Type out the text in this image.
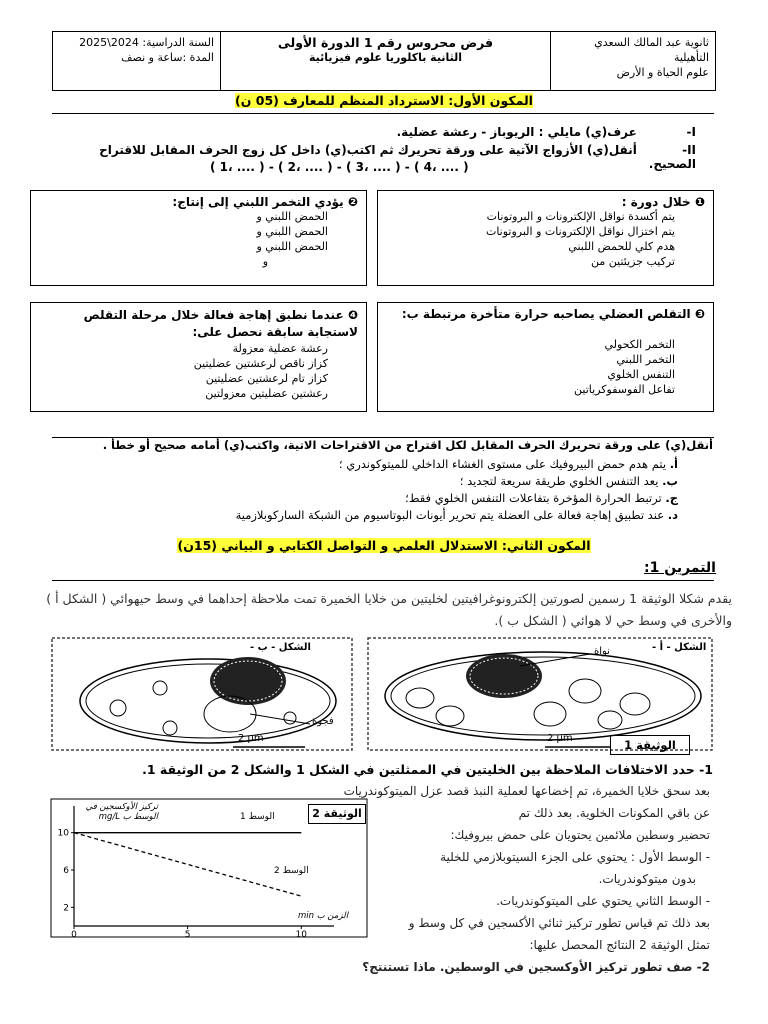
ثانوية عبد المالك السعدي التأهيلية
علوم الحياة و الأرض
فرض محروس رقم 1 الدورة الأولى
الثانية باكلوريا علوم فيزيائية
السنة الدراسية: 2024\2025
المدة :ساعة و نصف
المكون الأول: الاسترداد المنظم للمعارف (05 ن)
I- عرف(ي) مايلي : الريوباز - رعشة عضلية.
II- أنقل(ي) الأزواج الآتية على ورقة تحريرك ثم اكتب(ي) داخل كل زوج الحرف المقابل للاقتراح الصحيح.
( 1، .... ) - ( 2، .... ) - ( 3، .... ) - ( 4، .... )
❶ خلال دورة :
يتم أكسدة نواقل الإلكترونات و البروتونات
يتم اختزال نواقل الإلكترونات و البروتونات
هدم كلي للحمض اللبني
تركيب جزيئتين من
❷ يؤدي التخمر اللبني إلى إنتاج:
الحمض اللبني و
الحمض اللبني و
الحمض اللبني و
و
❸ التقلص العضلي يصاحبه حرارة متأخرة مرتبطة ب:
التخمر الكحولي
التخمر اللبني
التنفس الخلوي
تفاعل الفوسفوكرياتين
❹ عندما نطبق إهاجة فعالة خلال مرحلة التقلص لاستجابة سابقة نحصل على:
رعشة عضلية معزولة
كزاز ناقص لرعشتين عضليتين
كزاز تام لرعشتين عضليتين
رعشتين عضليتين معزولتين
أنقل(ي) على ورقة تحريرك الحرف المقابل لكل اقتراح من الاقتراحات الاتية، واكتب(ي) أمامه صحيح أو خطأ .
أ. يتم هدم حمض البيروفيك على مستوى الغشاء الداخلي للميتوكوندري ؛
ب. يعد التنفس الخلوي طريقة سريعة لتجديد ؛
ج. ترتبط الحرارة المؤخرة بتفاعلات التنفس الخلوي فقط؛
د. عند تطبيق إهاجة فعالة على العضلة يتم تحرير أيونات البوتاسيوم من الشبكة الساركوبلازمية
المكون الثاني: الاستدلال العلمي و التواصل الكتابي و البياني (15ن)
التمرين 1:
يقدم شكلا الوثيقة 1 رسمين لصورتين إلكترونوغرافيتين لخليتين من خلايا الخميرة تمت ملاحظة إحداهما في وسط حيهوائي ( الشكل أ ) والأخرى في وسط حي لا هوائي ( الشكل ب ).
الشكل - ب -	الشكل - أ -
نواة
فجوة
2 μm	2 μm	الوثيقة 1
1- حدد الاختلافات الملاحظة بين الخليتين في الممثلتين في الشكل 1 والشكل 2 من الوثيقة 1.
بعد سحق خلايا الخميرة، تم إخضاعها لعملية النبذ قصد عزل الميتوكوندريات عن باقي المكونات الخلوية. بعد ذلك تم
تحضير وسطين ملائمين يحتويان على حمض بيروفيك:
- الوسط الأول : يحتوي على الجزء السيتوبلازمي للخلية
بدون ميتوكوندريات.
- الوسط الثاني يحتوي على الميتوكوندريات.
بعد ذلك تم قياس تطور تركيز ثنائي الأكسجين في كل وسط و
تمثل الوثيقة 2 النتائج المحصل عليها:
2- صف تطور تركيز الأوكسجين في الوسطين. ماذا تستنتج؟
0	5	10
2
6
10
الوثيقة 2
تركيز الأوكسجين في الوسط ب mg/L
الزمن ب min
الوسط 1
الوسط 2
